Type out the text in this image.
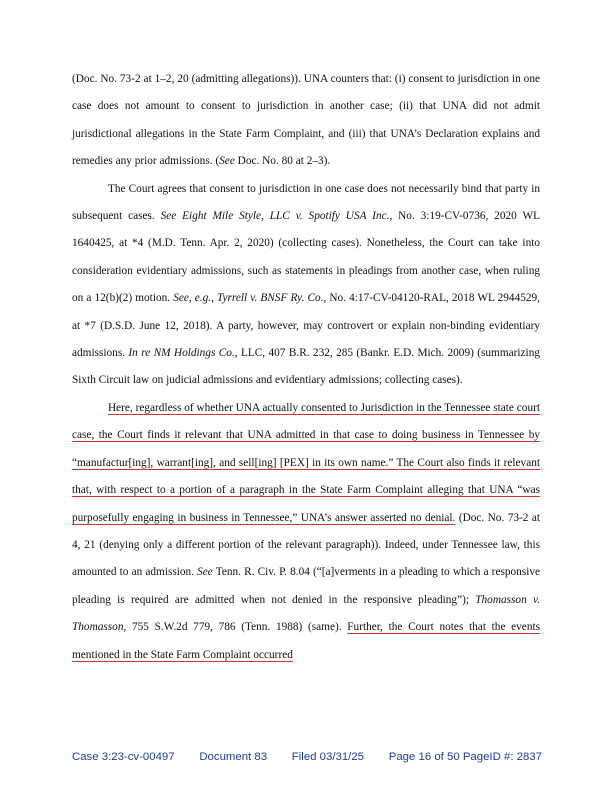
(Doc. No. 73-2 at 1–2, 20 (admitting allegations)). UNA counters that: (i) consent to jurisdiction in one case does not amount to consent to jurisdiction in another case; (ii) that UNA did not admit jurisdictional allegations in the State Farm Complaint, and (iii) that UNA’s Declaration explains and remedies any prior admissions. (See Doc. No. 80 at 2–3).

The Court agrees that consent to jurisdiction in one case does not necessarily bind that party in subsequent cases. See Eight Mile Style, LLC v. Spotify USA Inc., No. 3:19-CV-0736, 2020 WL 1640425, at *4 (M.D. Tenn. Apr. 2, 2020) (collecting cases). Nonetheless, the Court can take into consideration evidentiary admissions, such as statements in pleadings from another case, when ruling on a 12(b)(2) motion. See, e.g., Tyrrell v. BNSF Ry. Co., No. 4:17-CV-04120-RAL, 2018 WL 2944529, at *7 (D.S.D. June 12, 2018). A party, however, may controvert or explain non-binding evidentiary admissions. In re NM Holdings Co., LLC, 407 B.R. 232, 285 (Bankr. E.D. Mich. 2009) (summarizing Sixth Circuit law on judicial admissions and evidentiary admissions; collecting cases).

Here, regardless of whether UNA actually consented to Jurisdiction in the Tennessee state court case, the Court finds it relevant that UNA admitted in that case to doing business in Tennessee by “manufactur[ing], warrant[ing], and sell[ing] [PEX] in its own name.” The Court also finds it relevant that, with respect to a portion of a paragraph in the State Farm Complaint alleging that UNA “was purposefully engaging in business in Tennessee,” UNA’s answer asserted no denial. (Doc. No. 73-2 at 4, 21 (denying only a different portion of the relevant paragraph)). Indeed, under Tennessee law, this amounted to an admission. See Tenn. R. Civ. P. 8.04 (“[a]verments in a pleading to which a responsive pleading is required are admitted when not denied in the responsive pleading”); Thomasson v. Thomasson, 755 S.W.2d 779, 786 (Tenn. 1988) (same). Further, the Court notes that the events mentioned in the State Farm Complaint occurred

Case 3:23-cv-00497 Document 83 Filed 03/31/25 Page 16 of 50 PageID #: 2837
